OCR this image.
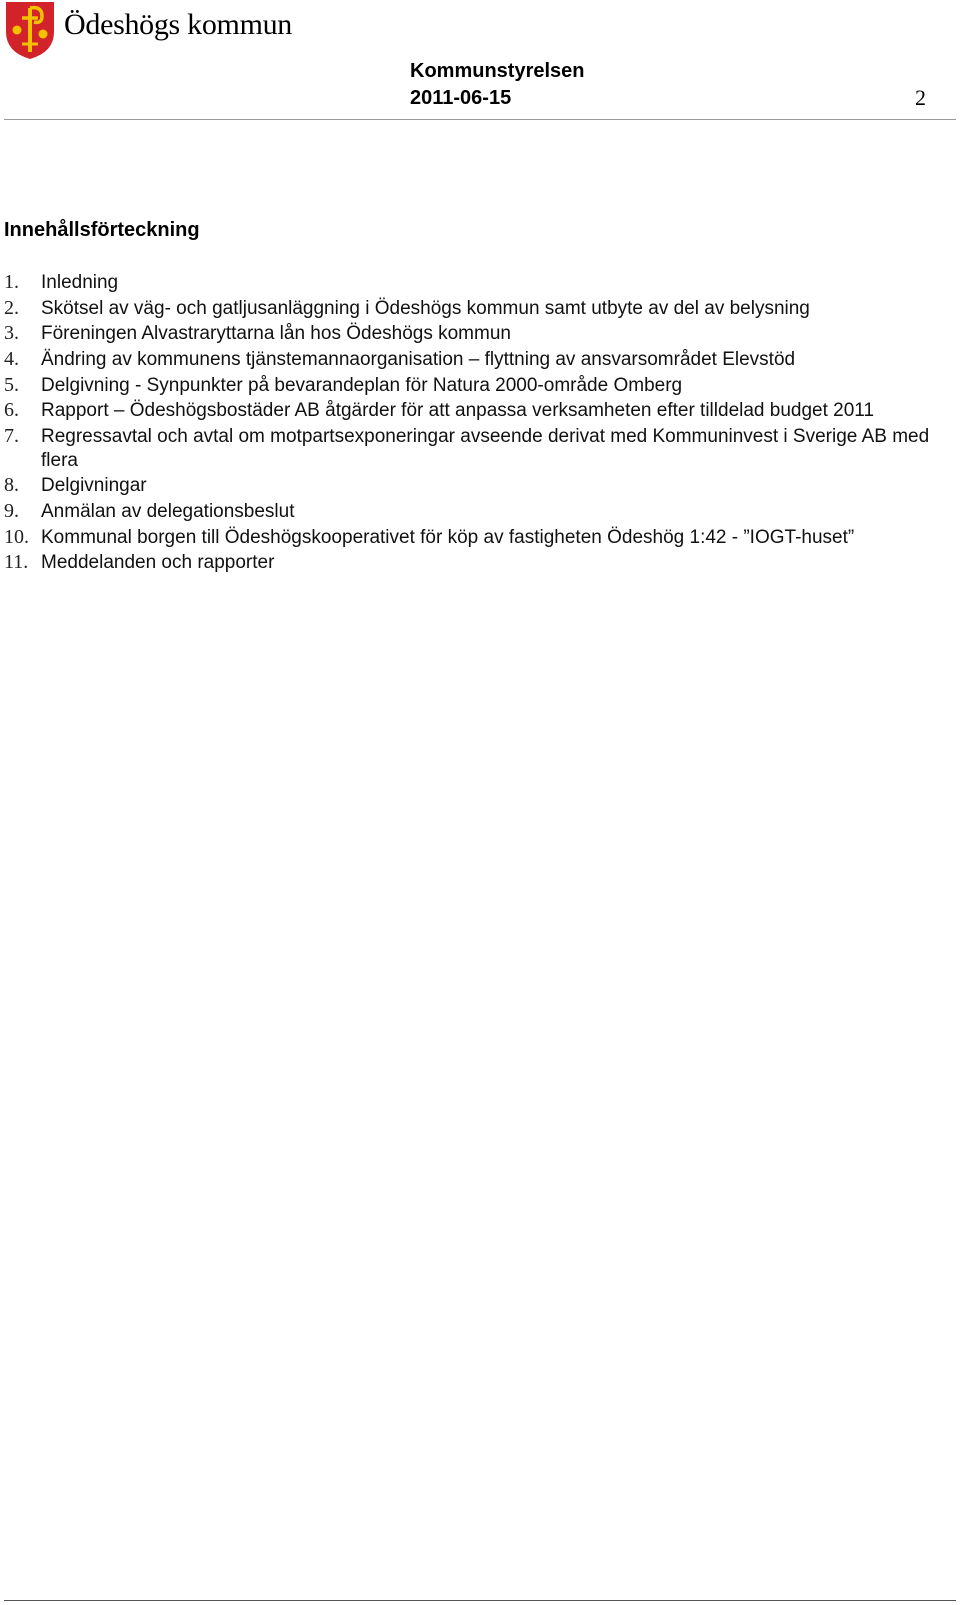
Ödeshögs kommun
Kommunstyrelsen
2011-06-15	2
Innehållsförteckning
1. Inledning
2. Skötsel av väg- och gatljusanläggning i Ödeshögs kommun samt utbyte av del av belysning
3. Föreningen Alvastraryttarna lån hos Ödeshögs kommun
4. Ändring av kommunens tjänstemannaorganisation – flyttning av ansvarsområdet Elevstöd
5. Delgivning - Synpunkter på bevarandeplan för Natura 2000-område Omberg
6. Rapport – Ödeshögsbostäder AB åtgärder för att anpassa verksamheten efter tilldelad budget 2011
7. Regressavtal och avtal om motpartsexponeringar avseende derivat med Kommuninvest i Sverige AB med flera
8. Delgivningar
9. Anmälan av delegationsbeslut
10. Kommunal borgen till Ödeshögskooperativet för köp av fastigheten Ödeshög 1:42 - ”IOGT-huset”
11. Meddelanden och rapporter
